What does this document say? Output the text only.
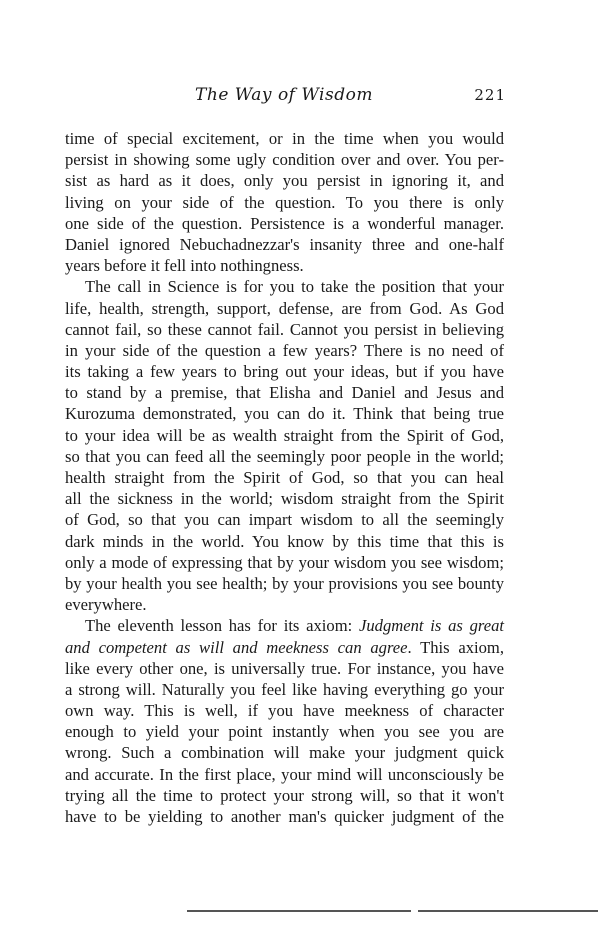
The Way of Wisdom	221
time of special excitement, or in the time when you would
persist in showing some ugly condition over and over. You per-
sist as hard as it does, only you persist in ignoring it, and
living on your side of the question. To you there is only
one side of the question. Persistence is a wonderful manager.
Daniel ignored Nebuchadnezzar's insanity three and one-half
years before it fell into nothingness.
The call in Science is for you to take the position that your
life, health, strength, support, defense, are from God. As God
cannot fail, so these cannot fail. Cannot you persist in believing
in your side of the question a few years? There is no need of
its taking a few years to bring out your ideas, but if you have
to stand by a premise, that Elisha and Daniel and Jesus and
Kurozuma demonstrated, you can do it. Think that being true
to your idea will be as wealth straight from the Spirit of God,
so that you can feed all the seemingly poor people in the world;
health straight from the Spirit of God, so that you can heal
all the sickness in the world; wisdom straight from the Spirit
of God, so that you can impart wisdom to all the seemingly
dark minds in the world. You know by this time that this is
only a mode of expressing that by your wisdom you see wisdom;
by your health you see health; by your provisions you see bounty
everywhere.
The eleventh lesson has for its axiom: Judgment is as great
and competent as will and meekness can agree. This axiom,
like every other one, is universally true. For instance, you have
a strong will. Naturally you feel like having everything go your
own way. This is well, if you have meekness of character
enough to yield your point instantly when you see you are
wrong. Such a combination will make your judgment quick
and accurate. In the first place, your mind will unconsciously be
trying all the time to protect your strong will, so that it won't
have to be yielding to another man's quicker judgment of the
